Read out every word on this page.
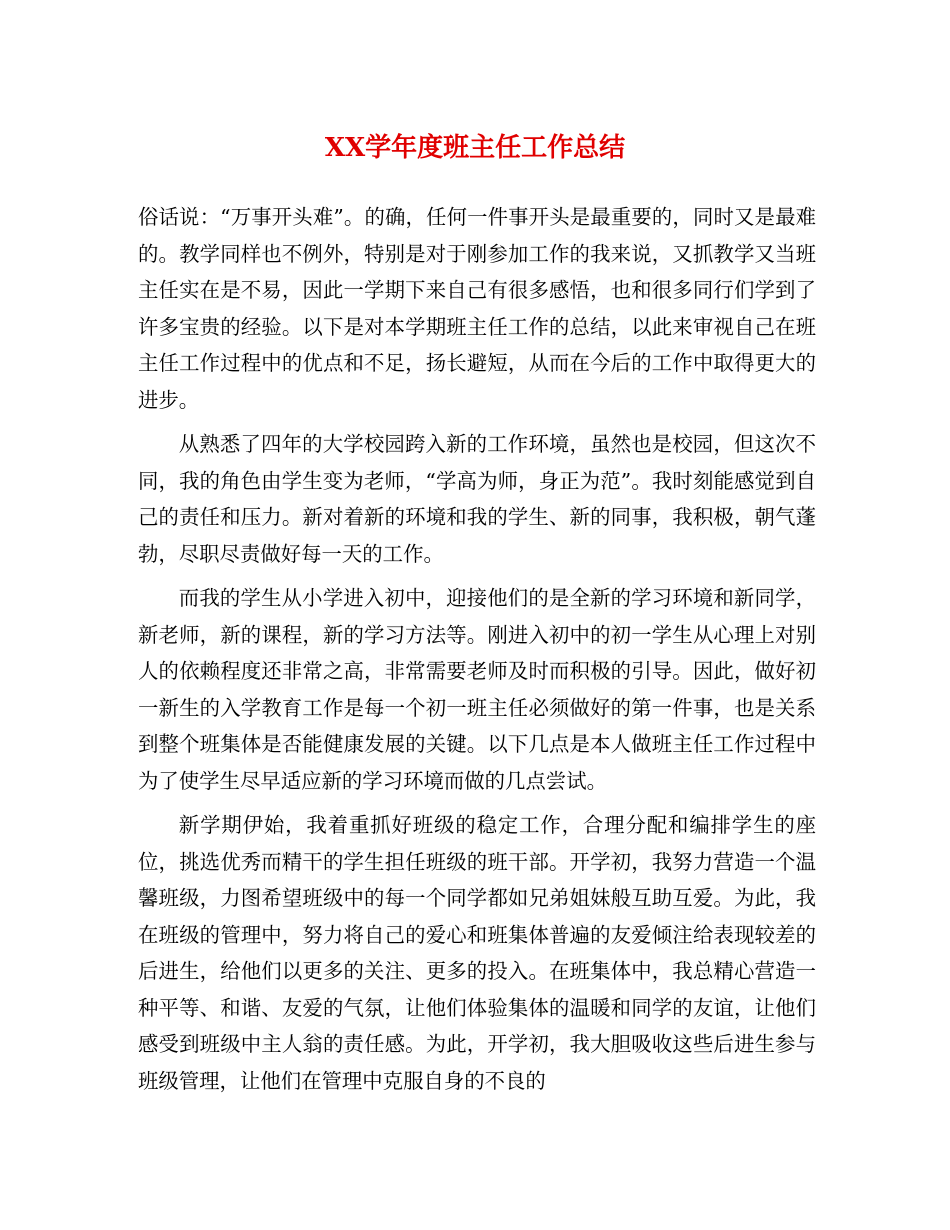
XX学年度班主任工作总结

俗话说：“万事开头难”。的确，任何一件事开头是最重要的，同时又是最难的。教学同样也不例外，特别是对于刚参加工作的我来说，又抓教学又当班主任实在是不易，因此一学期下来自己有很多感悟，也和很多同行们学到了许多宝贵的经验。以下是对本学期班主任工作的总结，以此来审视自己在班主任工作过程中的优点和不足，扬长避短，从而在今后的工作中取得更大的进步。

从熟悉了四年的大学校园跨入新的工作环境，虽然也是校园，但这次不同，我的角色由学生变为老师，“学高为师，身正为范”。我时刻能感觉到自己的责任和压力。新对着新的环境和我的学生、新的同事，我积极，朝气蓬勃，尽职尽责做好每一天的工作。

而我的学生从小学进入初中，迎接他们的是全新的学习环境和新同学，新老师，新的课程，新的学习方法等。刚进入初中的初一学生从心理上对别人的依赖程度还非常之高，非常需要老师及时而积极的引导。因此，做好初一新生的入学教育工作是每一个初一班主任必须做好的第一件事，也是关系到整个班集体是否能健康发展的关键。以下几点是本人做班主任工作过程中为了使学生尽早适应新的学习环境而做的几点尝试。

新学期伊始，我着重抓好班级的稳定工作，合理分配和编排学生的座位，挑选优秀而精干的学生担任班级的班干部。开学初，我努力营造一个温馨班级，力图希望班级中的每一个同学都如兄弟姐妹般互助互爱。为此，我在班级的管理中，努力将自己的爱心和班集体普遍的友爱倾注给表现较差的后进生，给他们以更多的关注、更多的投入。在班集体中，我总精心营造一种平等、和谐、友爱的气氛，让他们体验集体的温暖和同学的友谊，让他们感受到班级中主人翁的责任感。为此，开学初，我大胆吸收这些后进生参与班级管理，让他们在管理中克服自身的不良的
